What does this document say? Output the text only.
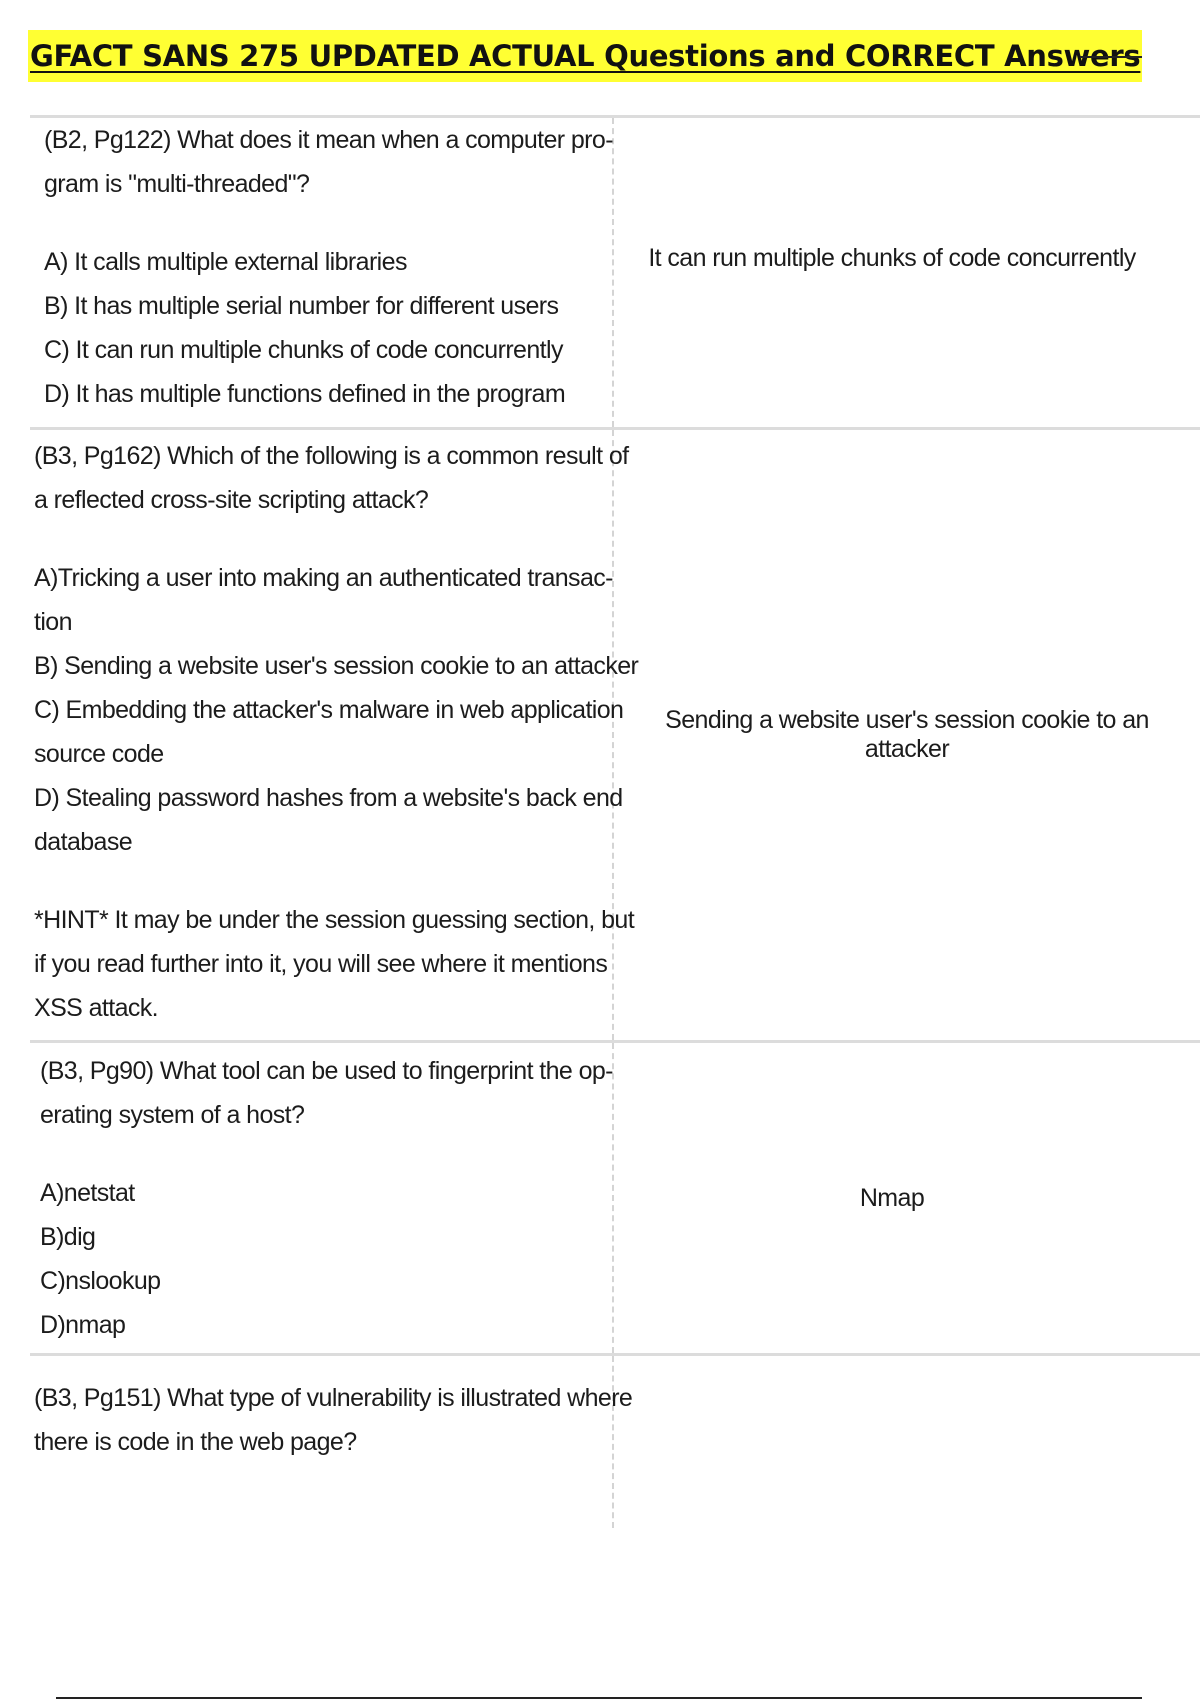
GFACT SANS 275 UPDATED ACTUAL Questions and CORRECT Answers
(B2, Pg122) What does it mean when a computer pro-
gram is "multi-threaded"?
A) It calls multiple external libraries
B) It has multiple serial number for different users
C) It can run multiple chunks of code concurrently
D) It has multiple functions defined in the program
It can run multiple chunks of code concurrently
(B3, Pg162) Which of the following is a common result of
a reflected cross-site scripting attack?
A)Tricking a user into making an authenticated transac-
tion
B) Sending a website user's session cookie to an attacker
C) Embedding the attacker's malware in web application
source code
D) Stealing password hashes from a website's back end
database
*HINT* It may be under the session guessing section, but
if you read further into it, you will see where it mentions
XSS attack.
Sending a website user's session cookie to an attacker
(B3, Pg90) What tool can be used to fingerprint the op-
erating system of a host?
A)netstat
B)dig
C)nslookup
D)nmap
Nmap
(B3, Pg151) What type of vulnerability is illustrated where
there is code in the web page?
